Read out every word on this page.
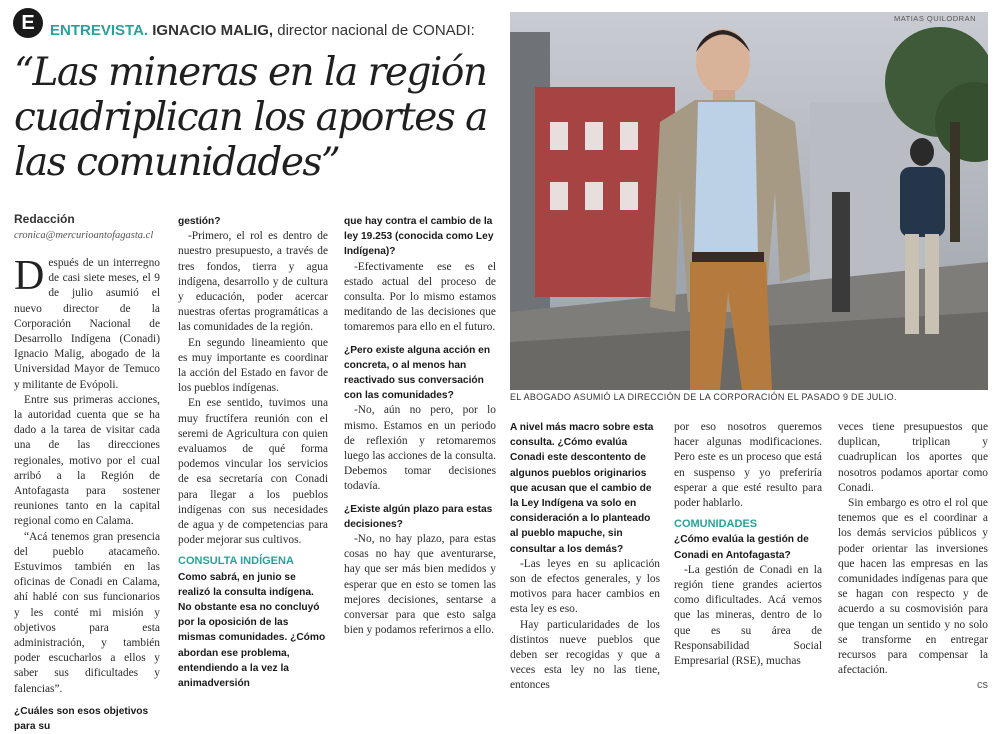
E	ENTREVISTA. IGNACIO MALIG, director nacional de CONADI:
“Las mineras en la región cuadriplican los aportes a las comunidades”
MATIAS QUILODRAN
EL ABOGADO ASUMIÓ LA DIRECCIÓN DE LA CORPORACIÓN EL PASADO 9 DE JULIO.
Redacción
cronica@mercurioantofagasta.cl

Después de un interregno de casi siete meses, el 9 de julio asumió el nuevo director de la Corporación Nacional de Desarrollo Indígena (Conadi) Ignacio Malig, abogado de la Universidad Mayor de Temuco y militante de Evópoli.

Entre sus primeras acciones, la autoridad cuenta que se ha dado a la tarea de visitar cada una de las direcciones regionales, motivo por el cual arribó a la Región de Antofagasta para sostener reuniones tanto en la capital regional como en Calama.

“Acá tenemos gran presencia del pueblo atacameño. Estuvimos también en las oficinas de Conadi en Calama, ahí hablé con sus funcionarios y les conté mi misión y objetivos para esta administración, y también poder escucharlos a ellos y saber sus dificultades y falencias”.

¿Cuáles son esos objetivos para su

gestión?

-Primero, el rol es dentro de nuestro presupuesto, a través de tres fondos, tierra y agua indígena, desarrollo y de cultura y educación, poder acercar nuestras ofertas programáticas a las comunidades de la región.

En segundo lineamiento que es muy importante es coordinar la acción del Estado en favor de los pueblos indígenas.

En ese sentido, tuvimos una muy fructífera reunión con el seremi de Agricultura con quien evaluamos de qué forma podemos vincular los servicios de esa secretaría con Conadi para llegar a los pueblos indígenas con sus necesidades de agua y de competencias para poder mejorar sus cultivos.

CONSULTA INDÍGENA

Como sabrá, en junio se realizó la consulta indígena. No obstante esa no concluyó por la oposición de las mismas comunidades. ¿Cómo abordan ese problema, entendiendo a la vez la animadversión

que hay contra el cambio de la ley 19.253 (conocida como Ley Indígena)?

-Efectivamente ese es el estado actual del proceso de consulta. Por lo mismo estamos meditando de las decisiones que tomaremos para ello en el futuro.

¿Pero existe alguna acción en concreta, o al menos han reactivado sus conversación con las comunidades?

-No, aún no pero, por lo mismo. Estamos en un periodo de reflexión y retomaremos luego las acciones de la consulta. Debemos tomar decisiones todavía.

¿Existe algún plazo para estas decisiones?

-No, no hay plazo, para estas cosas no hay que aventurarse, hay que ser más bien medidos y esperar que en esto se tomen las mejores decisiones, sentarse a conversar para que esto salga bien y podamos referirnos a ello.

A nivel más macro sobre esta consulta. ¿Cómo evalúa Conadi este descontento de algunos pueblos originarios que acusan que el cambio de la Ley Indígena va solo en consideración a lo planteado al pueblo mapuche, sin consultar a los demás?

-Las leyes en su aplicación son de efectos generales, y los motivos para hacer cambios en esta ley es eso.

Hay particularidades de los distintos nueve pueblos que deben ser recogidas y que a veces esta ley no las tiene, entonces

por eso nosotros queremos hacer algunas modificaciones. Pero este es un proceso que está en suspenso y yo preferiría esperar a que esté resulto para poder hablarlo.

COMUNIDADES

¿Cómo evalúa la gestión de Conadi en Antofagasta?

-La gestión de Conadi en la región tiene grandes aciertos como dificultades. Acá vemos que las mineras, dentro de lo que es su área de Responsabilidad Social Empresarial (RSE), muchas

veces tiene presupuestos que duplican, triplican y cuadruplican los aportes que nosotros podamos aportar como Conadi.

Sin embargo es otro el rol que tenemos que es el coordinar a los demás servicios públicos y poder orientar las inversiones que hacen las empresas en las comunidades indígenas para que se hagan con respecto y de acuerdo a su cosmovisión para que tengan un sentido y no solo se transforme en entregar recursos para compensar la afectación.

cs
